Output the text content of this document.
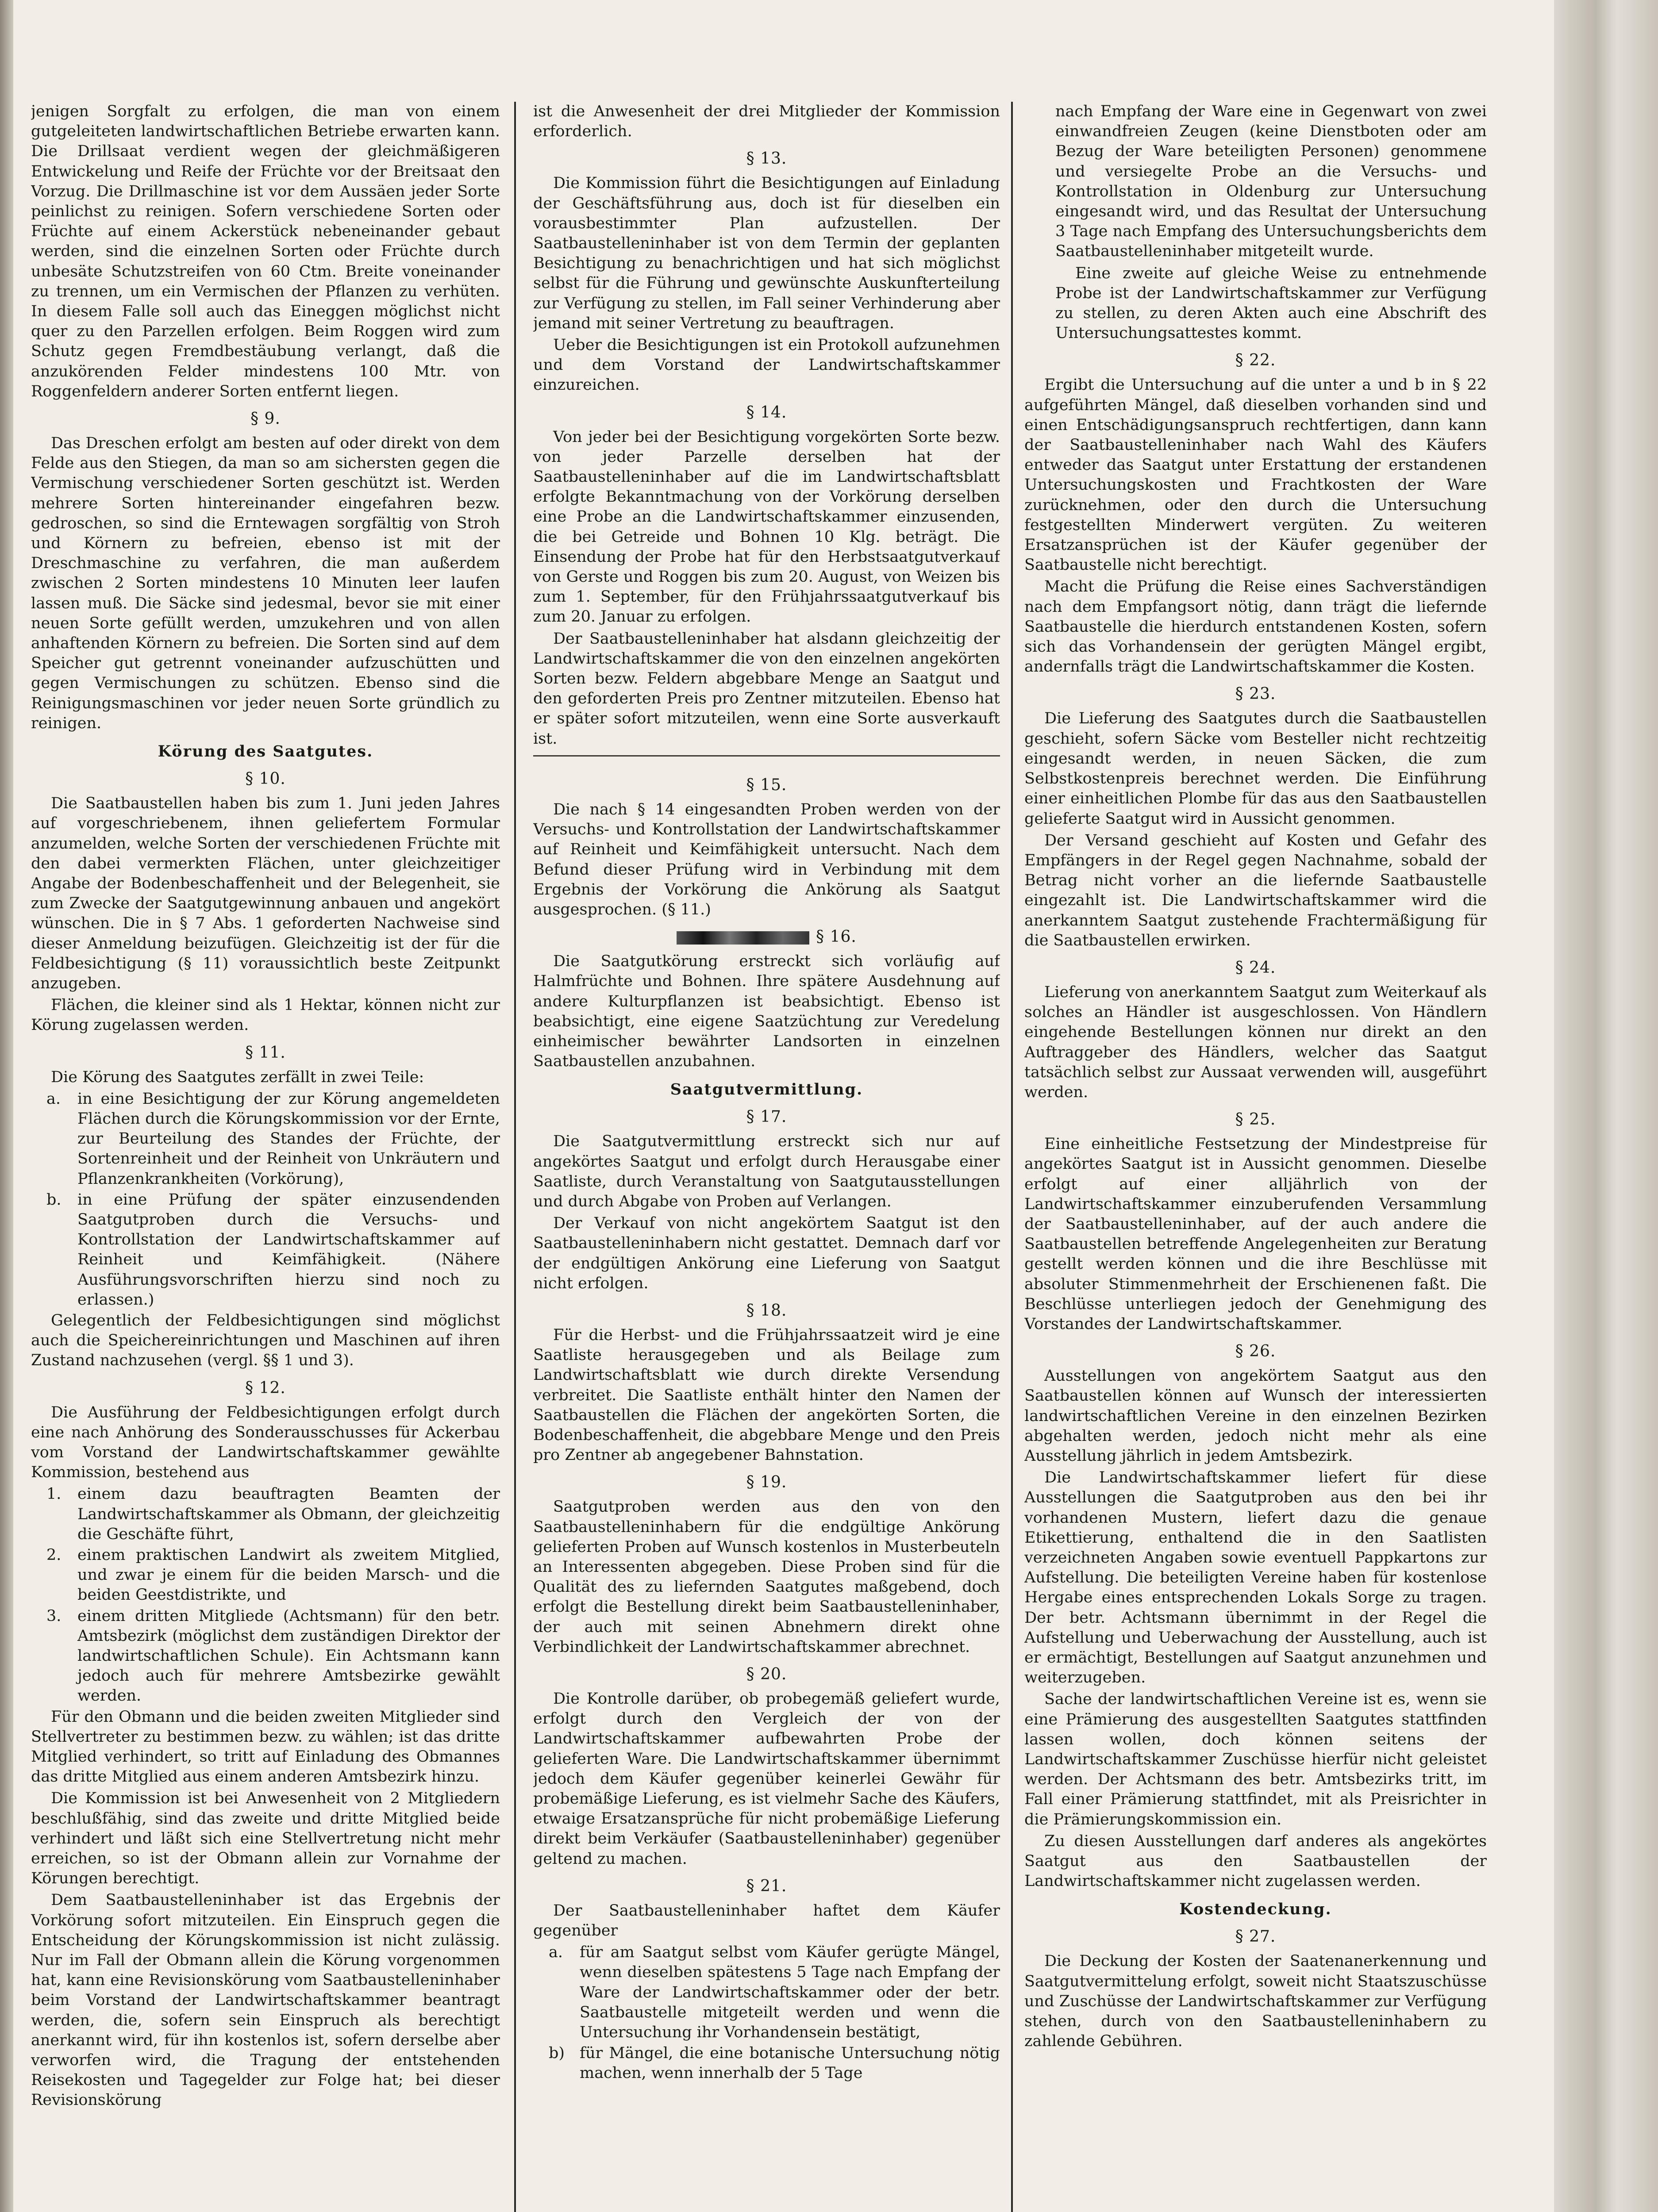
jenigen Sorgfalt zu erfolgen, die man von einem gutgeleiteten landwirtschaftlichen Betriebe erwarten kann. Die Drillsaat verdient wegen der gleichmäßigeren Entwickelung und Reife der Früchte vor der Breitsaat den Vorzug. Die Drillmaschine ist vor dem Aussäen jeder Sorte peinlichst zu reinigen. Sofern verschiedene Sorten oder Früchte auf einem Ackerstück nebeneinander gebaut werden, sind die einzelnen Sorten oder Früchte durch unbesäte Schutzstreifen von 60 Ctm. Breite voneinander zu trennen, um ein Vermischen der Pflanzen zu verhüten. In diesem Falle soll auch das Eineggen möglichst nicht quer zu den Parzellen erfolgen. Beim Roggen wird zum Schutz gegen Fremdbestäubung verlangt, daß die anzukörenden Felder mindestens 100 Mtr. von Roggenfeldern anderer Sorten entfernt liegen.

§ 9.

Das Dreschen erfolgt am besten auf oder direkt von dem Felde aus den Stiegen, da man so am sichersten gegen die Vermischung verschiedener Sorten geschützt ist. Werden mehrere Sorten hintereinander eingefahren bezw. gedroschen, so sind die Erntewagen sorgfältig von Stroh und Körnern zu befreien, ebenso ist mit der Dreschmaschine zu verfahren, die man außerdem zwischen 2 Sorten mindestens 10 Minuten leer laufen lassen muß. Die Säcke sind jedesmal, bevor sie mit einer neuen Sorte gefüllt werden, umzukehren und von allen anhaftenden Körnern zu befreien. Die Sorten sind auf dem Speicher gut getrennt voneinander aufzuschütten und gegen Vermischungen zu schützen. Ebenso sind die Reinigungsmaschinen vor jeder neuen Sorte gründlich zu reinigen.

Körung des Saatgutes.
§ 10.

Die Saatbaustellen haben bis zum 1. Juni jeden Jahres auf vorgeschriebenem, ihnen geliefertem Formular anzumelden, welche Sorten der verschiedenen Früchte mit den dabei vermerkten Flächen, unter gleichzeitiger Angabe der Bodenbeschaffenheit und der Belegenheit, sie zum Zwecke der Saatgutgewinnung anbauen und angekört wünschen. Die in § 7 Abs. 1 geforderten Nachweise sind dieser Anmeldung beizufügen. Gleichzeitig ist der für die Feldbesichtigung (§ 11) voraussichtlich beste Zeitpunkt anzugeben.

Flächen, die kleiner sind als 1 Hektar, können nicht zur Körung zugelassen werden.

§ 11.

Die Körung des Saatgutes zerfällt in zwei Teile:

a.	in eine Besichtigung der zur Körung angemeldeten Flächen durch die Körungskommission vor der Ernte, zur Beurteilung des Standes der Früchte, der Sortenreinheit und der Reinheit von Unkräutern und Pflanzenkrankheiten (Vorkörung),
b.	in eine Prüfung der später einzusendenden Saatgutproben durch die Versuchs- und Kontrollstation der Landwirtschaftskammer auf Reinheit und Keimfähigkeit. (Nähere Ausführungsvorschriften hierzu sind noch zu erlassen.)

Gelegentlich der Feldbesichtigungen sind möglichst auch die Speichereinrichtungen und Maschinen auf ihren Zustand nachzusehen (vergl. §§ 1 und 3).

§ 12.

Die Ausführung der Feldbesichtigungen erfolgt durch eine nach Anhörung des Sonderausschusses für Ackerbau vom Vorstand der Landwirtschaftskammer gewählte Kommission, bestehend aus

1.	einem dazu beauftragten Beamten der Landwirtschaftskammer als Obmann, der gleichzeitig die Geschäfte führt,
2.	einem praktischen Landwirt als zweitem Mitglied, und zwar je einem für die beiden Marsch- und die beiden Geestdistrikte, und
3.	einem dritten Mitgliede (Achtsmann) für den betr. Amtsbezirk (möglichst dem zuständigen Direktor der landwirtschaftlichen Schule). Ein Achtsmann kann jedoch auch für mehrere Amtsbezirke gewählt werden.

Für den Obmann und die beiden zweiten Mitglieder sind Stellvertreter zu bestimmen bezw. zu wählen; ist das dritte Mitglied verhindert, so tritt auf Einladung des Obmannes das dritte Mitglied aus einem anderen Amtsbezirk hinzu.

Die Kommission ist bei Anwesenheit von 2 Mitgliedern beschlußfähig, sind das zweite und dritte Mitglied beide verhindert und läßt sich eine Stellvertretung nicht mehr erreichen, so ist der Obmann allein zur Vornahme der Körungen berechtigt.

Dem Saatbaustelleninhaber ist das Ergebnis der Vorkörung sofort mitzuteilen. Ein Einspruch gegen die Entscheidung der Körungskommission ist nicht zulässig. Nur im Fall der Obmann allein die Körung vorgenommen hat, kann eine Revisionskörung vom Saatbaustelleninhaber beim Vorstand der Landwirtschaftskammer beantragt werden, die, sofern sein Einspruch als berechtigt anerkannt wird, für ihn kostenlos ist, sofern derselbe aber verworfen wird, die Tragung der entstehenden Reisekosten und Tagegelder zur Folge hat; bei dieser Revisionskörung

ist die Anwesenheit der drei Mitglieder der Kommission erforderlich.

§ 13.

Die Kommission führt die Besichtigungen auf Einladung der Geschäftsführung aus, doch ist für dieselben ein vorausbestimmter Plan aufzustellen. Der Saatbaustelleninhaber ist von dem Termin der geplanten Besichtigung zu benachrichtigen und hat sich möglichst selbst für die Führung und gewünschte Auskunfterteilung zur Verfügung zu stellen, im Fall seiner Verhinderung aber jemand mit seiner Vertretung zu beauftragen.

Ueber die Besichtigungen ist ein Protokoll aufzunehmen und dem Vorstand der Landwirtschaftskammer einzureichen.

§ 14.

Von jeder bei der Besichtigung vorgekörten Sorte bezw. von jeder Parzelle derselben hat der Saatbaustelleninhaber auf die im Landwirtschaftsblatt erfolgte Bekanntmachung von der Vorkörung derselben eine Probe an die Landwirtschaftskammer einzusenden, die bei Getreide und Bohnen 10 Klg. beträgt. Die Einsendung der Probe hat für den Herbstsaatgutverkauf von Gerste und Roggen bis zum 20. August, von Weizen bis zum 1. September, für den Frühjahrssaatgutverkauf bis zum 20. Januar zu erfolgen.

Der Saatbaustelleninhaber hat alsdann gleichzeitig der Landwirtschaftskammer die von den einzelnen angekörten Sorten bezw. Feldern abgebbare Menge an Saatgut und den geforderten Preis pro Zentner mitzuteilen. Ebenso hat er später sofort mitzuteilen, wenn eine Sorte ausverkauft ist.

§ 15.

Die nach § 14 eingesandten Proben werden von der Versuchs- und Kontrollstation der Landwirtschaftskammer auf Reinheit und Keimfähigkeit untersucht. Nach dem Befund dieser Prüfung wird in Verbindung mit dem Ergebnis der Vorkörung die Ankörung als Saatgut ausgesprochen. (§ 11.)

§ 16.

Die Saatgutkörung erstreckt sich vorläufig auf Halmfrüchte und Bohnen. Ihre spätere Ausdehnung auf andere Kulturpflanzen ist beabsichtigt. Ebenso ist beabsichtigt, eine eigene Saatzüchtung zur Veredelung einheimischer bewährter Landsorten in einzelnen Saatbaustellen anzubahnen.

Saatgutvermittlung.
§ 17.

Die Saatgutvermittlung erstreckt sich nur auf angekörtes Saatgut und erfolgt durch Herausgabe einer Saatliste, durch Veranstaltung von Saatgutausstellungen und durch Abgabe von Proben auf Verlangen.

Der Verkauf von nicht angekörtem Saatgut ist den Saatbaustelleninhabern nicht gestattet. Demnach darf vor der endgültigen Ankörung eine Lieferung von Saatgut nicht erfolgen.

§ 18.

Für die Herbst- und die Frühjahrssaatzeit wird je eine Saatliste herausgegeben und als Beilage zum Landwirtschaftsblatt wie durch direkte Versendung verbreitet. Die Saatliste enthält hinter den Namen der Saatbaustellen die Flächen der angekörten Sorten, die Bodenbeschaffenheit, die abgebbare Menge und den Preis pro Zentner ab angegebener Bahnstation.

§ 19.

Saatgutproben werden aus den von den Saatbaustelleninhabern für die endgültige Ankörung gelieferten Proben auf Wunsch kostenlos in Musterbeuteln an Interessenten abgegeben. Diese Proben sind für die Qualität des zu liefernden Saatgutes maßgebend, doch erfolgt die Bestellung direkt beim Saatbaustelleninhaber, der auch mit seinen Abnehmern direkt ohne Verbindlichkeit der Landwirtschaftskammer abrechnet.

§ 20.

Die Kontrolle darüber, ob probegemäß geliefert wurde, erfolgt durch den Vergleich der von der Landwirtschaftskammer aufbewahrten Probe der gelieferten Ware. Die Landwirtschaftskammer übernimmt jedoch dem Käufer gegenüber keinerlei Gewähr für probemäßige Lieferung, es ist vielmehr Sache des Käufers, etwaige Ersatzansprüche für nicht probemäßige Lieferung direkt beim Verkäufer (Saatbaustelleninhaber) gegenüber geltend zu machen.

§ 21.

Der Saatbaustelleninhaber haftet dem Käufer gegenüber

a.	für am Saatgut selbst vom Käufer gerügte Mängel, wenn dieselben spätestens 5 Tage nach Empfang der Ware der Landwirtschaftskammer oder der betr. Saatbaustelle mitgeteilt werden und wenn die Untersuchung ihr Vorhandensein bestätigt,
b) für Mängel, die eine botanische Untersuchung nötig machen, wenn innerhalb der 5 Tage

nach Empfang der Ware eine in Gegenwart von zwei einwandfreien Zeugen (keine Dienstboten oder am Bezug der Ware beteiligten Personen) genommene und versiegelte Probe an die Versuchs- und Kontrollstation in Oldenburg zur Untersuchung eingesandt wird, und das Resultat der Untersuchung 3 Tage nach Empfang des Untersuchungsberichts dem Saatbaustelleninhaber mitgeteilt wurde.

Eine zweite auf gleiche Weise zu entnehmende Probe ist der Landwirtschaftskammer zur Verfügung zu stellen, zu deren Akten auch eine Abschrift des Untersuchungsattestes kommt.

§ 22.

Ergibt die Untersuchung auf die unter a und b in § 22 aufgeführten Mängel, daß dieselben vorhanden sind und einen Entschädigungsanspruch rechtfertigen, dann kann der Saatbaustelleninhaber nach Wahl des Käufers entweder das Saatgut unter Erstattung der erstandenen Untersuchungskosten und Frachtkosten der Ware zurücknehmen, oder den durch die Untersuchung festgestellten Minderwert vergüten. Zu weiteren Ersatzansprüchen ist der Käufer gegenüber der Saatbaustelle nicht berechtigt.

Macht die Prüfung die Reise eines Sachverständigen nach dem Empfangsort nötig, dann trägt die liefernde Saatbaustelle die hierdurch entstandenen Kosten, sofern sich das Vorhandensein der gerügten Mängel ergibt, andernfalls trägt die Landwirtschaftskammer die Kosten.

§ 23.

Die Lieferung des Saatgutes durch die Saatbaustellen geschieht, sofern Säcke vom Besteller nicht rechtzeitig eingesandt werden, in neuen Säcken, die zum Selbstkostenpreis berechnet werden. Die Einführung einer einheitlichen Plombe für das aus den Saatbaustellen gelieferte Saatgut wird in Aussicht genommen.

Der Versand geschieht auf Kosten und Gefahr des Empfängers in der Regel gegen Nachnahme, sobald der Betrag nicht vorher an die liefernde Saatbaustelle eingezahlt ist. Die Landwirtschaftskammer wird die anerkanntem Saatgut zustehende Frachtermäßigung für die Saatbaustellen erwirken.

§ 24.

Lieferung von anerkanntem Saatgut zum Weiterkauf als solches an Händler ist ausgeschlossen. Von Händlern eingehende Bestellungen können nur direkt an den Auftraggeber des Händlers, welcher das Saatgut tatsächlich selbst zur Aussaat verwenden will, ausgeführt werden.

§ 25.

Eine einheitliche Festsetzung der Mindestpreise für angekörtes Saatgut ist in Aussicht genommen. Dieselbe erfolgt auf einer alljährlich von der Landwirtschaftskammer einzuberufenden Versammlung der Saatbaustelleninhaber, auf der auch andere die Saatbaustellen betreffende Angelegenheiten zur Beratung gestellt werden können und die ihre Beschlüsse mit absoluter Stimmenmehrheit der Erschienenen faßt. Die Beschlüsse unterliegen jedoch der Genehmigung des Vorstandes der Landwirtschaftskammer.

§ 26.

Ausstellungen von angekörtem Saatgut aus den Saatbaustellen können auf Wunsch der interessierten landwirtschaftlichen Vereine in den einzelnen Bezirken abgehalten werden, jedoch nicht mehr als eine Ausstellung jährlich in jedem Amtsbezirk.

Die Landwirtschaftskammer liefert für diese Ausstellungen die Saatgutproben aus den bei ihr vorhandenen Mustern, liefert dazu die genaue Etikettierung, enthaltend die in den Saatlisten verzeichneten Angaben sowie eventuell Pappkartons zur Aufstellung. Die beteiligten Vereine haben für kostenlose Hergabe eines entsprechenden Lokals Sorge zu tragen. Der betr. Achtsmann übernimmt in der Regel die Aufstellung und Ueberwachung der Ausstellung, auch ist er ermächtigt, Bestellungen auf Saatgut anzunehmen und weiterzugeben.

Sache der landwirtschaftlichen Vereine ist es, wenn sie eine Prämierung des ausgestellten Saatgutes stattfinden lassen wollen, doch können seitens der Landwirtschaftskammer Zuschüsse hierfür nicht geleistet werden. Der Achtsmann des betr. Amtsbezirks tritt, im Fall einer Prämierung stattfindet, mit als Preisrichter in die Prämierungskommission ein.

Zu diesen Ausstellungen darf anderes als angekörtes Saatgut aus den Saatbaustellen der Landwirtschaftskammer nicht zugelassen werden.

Kostendeckung.
§ 27.

Die Deckung der Kosten der Saatenanerkennung und Saatgutvermittelung erfolgt, soweit nicht Staatszuschüsse und Zuschüsse der Landwirtschaftskammer zur Verfügung stehen, durch von den Saatbaustelleninhabern zu zahlende Gebühren.
